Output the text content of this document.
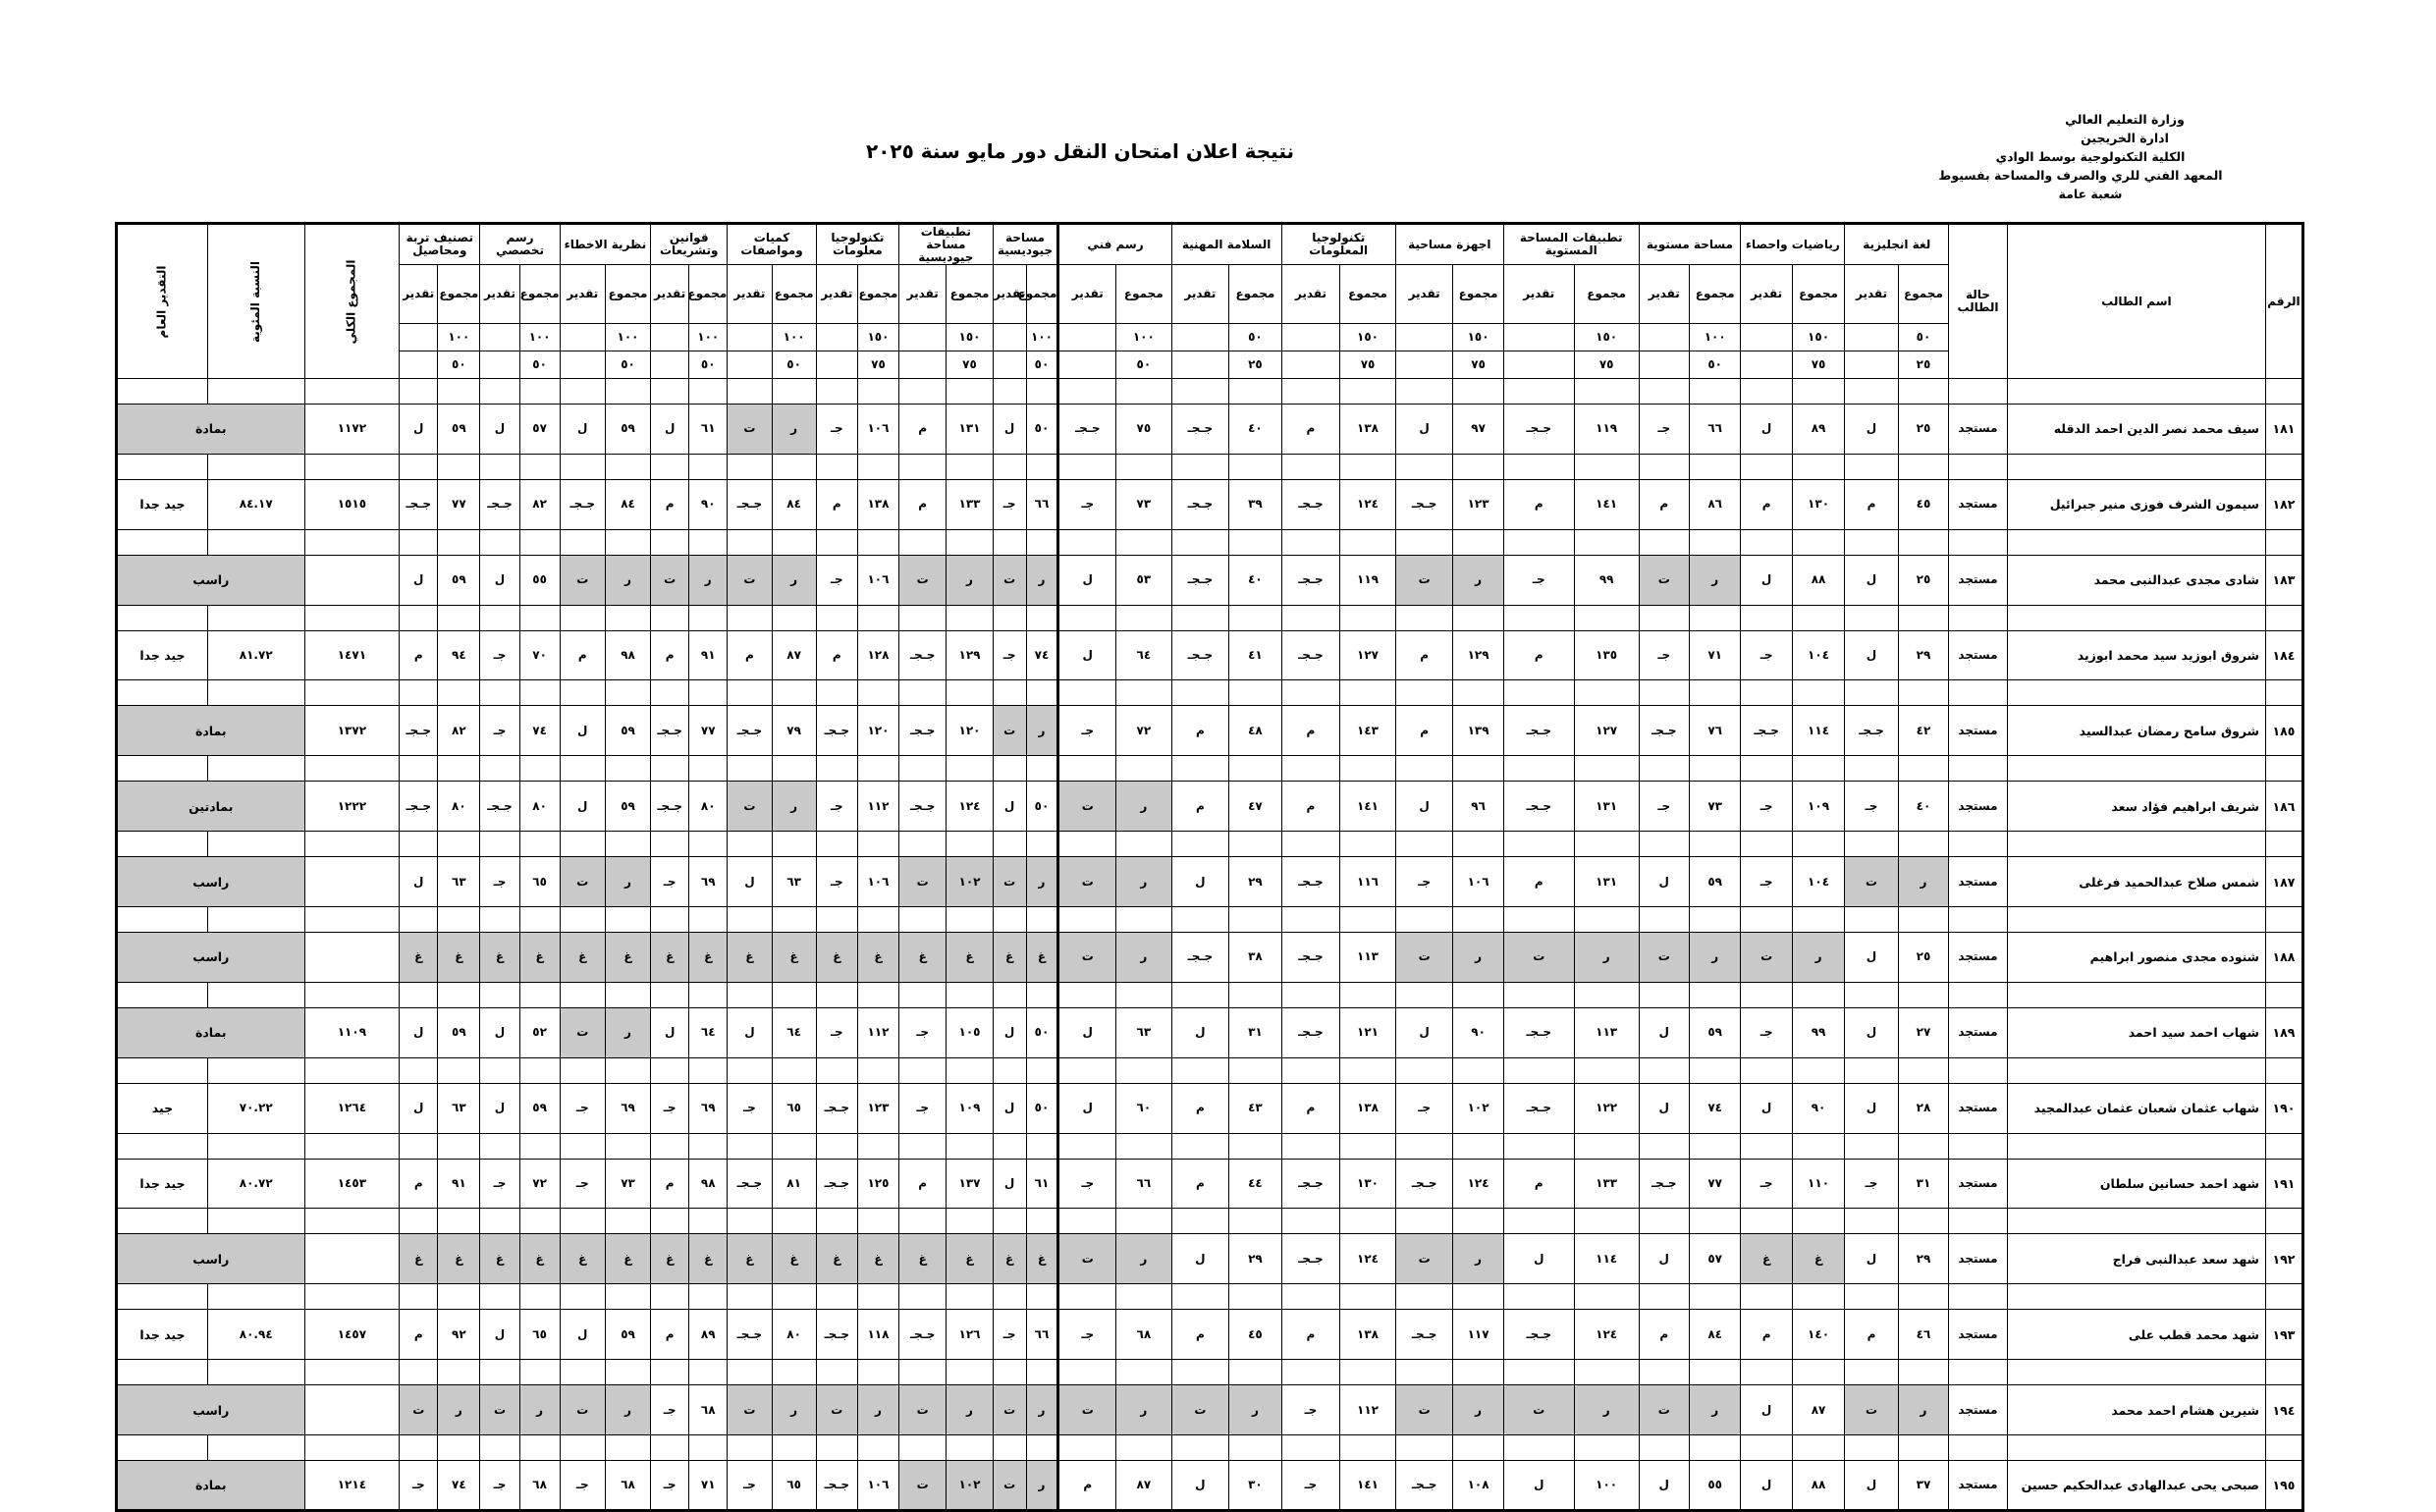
وزارة التعليم العالي
ادارة الخريجين
الكلية التكنولوجية بوسط الوادي
المعهد الفني للري والصرف والمساحة بفسيوط
شعبة عامة
نتيجة اعلان امتحان النقل دور مايو سنة ٢٠٢٥
الرقم	اسم الطالب	حالة الطالب	لغة انجليزية		رياضيات واحصاء		مساحة مستوية		تطبيقات المساحة المستوية		اجهزة مساحية		تكنولوجيا المعلومات		السلامة المهنية		رسم فني		مساحة جيوديسية		تطبيقات مساحة جيوديسية		تكنولوجيا معلومات		كميات ومواصفات		قوانين وتشريعات		نظرية الاخطاء		رسم تخصصي		تصنيف تربة ومحاصيل		المجموع الكلي	النسبة المئوية	التقدير العام
			مجموع	تقدير	مجموع	تقدير	مجموع	تقدير	مجموع	تقدير	مجموع	تقدير	مجموع	تقدير	مجموع	تقدير	مجموع	تقدير	مجموع	تقدير	مجموع	تقدير	مجموع	تقدير	مجموع	تقدير	مجموع	تقدير	مجموع	تقدير	مجموع	تقدير	مجموع	تقدير			
			٥٠		١٥٠		١٠٠		١٥٠		١٥٠		١٥٠		٥٠		١٠٠		١٠٠		١٥٠		١٥٠		١٠٠		١٠٠		١٠٠		١٠٠		١٠٠				
			٢٥		٧٥		٥٠		٧٥		٧٥		٧٥		٢٥		٥٠		٥٠		٧٥		٧٥		٥٠		٥٠		٥٠		٥٠		٥٠				

١٨١	سيف محمد نصر الدين احمد الدقله	مستجد	٢٥	ل	٨٩	ل	٦٦	جـ	١١٩	جـجـ	٩٧	ل	١٣٨	م	٤٠	جـجـ	٧٥	جـجـ	٥٠	ل	١٣١	م	١٠٦	جـ	ر	ت	٦١	ل	٥٩	ل	٥٧	ل	٥٩	ل	١١٧٢	بمادة	

١٨٢	سيمون الشرف فوزى منير جبرائيل	مستجد	٤٥	م	١٣٠	م	٨٦	م	١٤١	م	١٢٣	جـجـ	١٢٤	جـجـ	٣٩	جـجـ	٧٣	جـ	٦٦	جـ	١٣٣	م	١٣٨	م	٨٤	جـجـ	٩٠	م	٨٤	جـجـ	٨٢	جـجـ	٧٧	جـجـ	١٥١٥	٨٤.١٧	جيد جدا

١٨٣	شادى مجدى عبدالنبى محمد	مستجد	٢٥	ل	٨٨	ل	ر	ت	٩٩	جـ	ر	ت	١١٩	جـجـ	٤٠	جـجـ	٥٣	ل	ر	ت	ر	ت	١٠٦	جـ	ر	ت	ر	ت	ر	ت	٥٥	ل	٥٩	ل		راسب	

١٨٤	شروق ابوزيد سيد محمد ابوزيد	مستجد	٢٩	ل	١٠٤	جـ	٧١	جـ	١٣٥	م	١٢٩	م	١٢٧	جـجـ	٤١	جـجـ	٦٤	ل	٧٤	جـ	١٢٩	جـجـ	١٢٨	م	٨٧	م	٩١	م	٩٨	م	٧٠	جـ	٩٤	م	١٤٧١	٨١.٧٢	جيد جدا

١٨٥	شروق سامح رمضان عبدالسيد	مستجد	٤٢	جـجـ	١١٤	جـجـ	٧٦	جـجـ	١٢٧	جـجـ	١٣٩	م	١٤٣	م	٤٨	م	٧٢	جـ	ر	ت	١٢٠	جـجـ	١٢٠	جـجـ	٧٩	جـجـ	٧٧	جـجـ	٥٩	ل	٧٤	جـ	٨٢	جـجـ	١٣٧٢	بمادة	

١٨٦	شريف ابراهيم فؤاد سعد	مستجد	٤٠	جـ	١٠٩	جـ	٧٣	جـ	١٣١	جـجـ	٩٦	ل	١٤١	م	٤٧	م	ر	ت	٥٠	ل	١٢٤	جـجـ	١١٢	جـ	ر	ت	٨٠	جـجـ	٥٩	ل	٨٠	جـجـ	٨٠	جـجـ	١٢٢٢	بمادتين	

١٨٧	شمس صلاح عبدالحميد فرغلى	مستجد	ر	ت	١٠٤	جـ	٥٩	ل	١٣١	م	١٠٦	جـ	١١٦	جـجـ	٢٩	ل	ر	ت	ر	ت	١٠٢	ت	١٠٦	جـ	٦٣	ل	٦٩	جـ	ر	ت	٦٥	جـ	٦٣	ل		راسب	

١٨٨	شنوده مجدى منصور ابراهيم	مستجد	٢٥	ل	ر	ت	ر	ت	ر	ت	ر	ت	١١٣	جـجـ	٣٨	جـجـ	ر	ت	غ	غ	غ	غ	غ	غ	غ	غ	غ	غ	غ	غ	غ	غ	غ	غ		راسب	

١٨٩	شهاب احمد سيد احمد	مستجد	٢٧	ل	٩٩	جـ	٥٩	ل	١١٣	جـجـ	٩٠	ل	١٢١	جـجـ	٣١	ل	٦٣	ل	٥٠	ل	١٠٥	جـ	١١٢	جـ	٦٤	ل	٦٤	ل	ر	ت	٥٢	ل	٥٩	ل	١١٠٩	بمادة	

١٩٠	شهاب عثمان شعبان عثمان عبدالمجيد	مستجد	٢٨	ل	٩٠	ل	٧٤	ل	١٢٢	جـجـ	١٠٢	جـ	١٣٨	م	٤٣	م	٦٠	ل	٥٠	ل	١٠٩	جـ	١٢٣	جـجـ	٦٥	جـ	٦٩	جـ	٦٩	جـ	٥٩	ل	٦٣	ل	١٢٦٤	٧٠.٢٢	جيد

١٩١	شهد احمد حسانين سلطان	مستجد	٣١	جـ	١١٠	جـ	٧٧	جـجـ	١٣٣	م	١٢٤	جـجـ	١٣٠	جـجـ	٤٤	م	٦٦	جـ	٦١	ل	١٣٧	م	١٢٥	جـجـ	٨١	جـجـ	٩٨	م	٧٣	جـ	٧٢	جـ	٩١	م	١٤٥٣	٨٠.٧٢	جيد جدا

١٩٢	شهد سعد عبدالنبى فراج	مستجد	٢٩	ل	غ	غ	٥٧	ل	١١٤	ل	ر	ت	١٢٤	جـجـ	٢٩	ل	ر	ت	غ	غ	غ	غ	غ	غ	غ	غ	غ	غ	غ	غ	غ	غ	غ	غ		راسب	

١٩٣	شهد محمد قطب على	مستجد	٤٦	م	١٤٠	م	٨٤	م	١٢٤	جـجـ	١١٧	جـجـ	١٣٨	م	٤٥	م	٦٨	جـ	٦٦	جـ	١٢٦	جـجـ	١١٨	جـجـ	٨٠	جـجـ	٨٩	م	٥٩	ل	٦٥	ل	٩٢	م	١٤٥٧	٨٠.٩٤	جيد جدا

١٩٤	شيرين هشام احمد محمد	مستجد	ر	ت	٨٧	ل	ر	ت	ر	ت	ر	ت	١١٢	جـ	ر	ت	ر	ت	ر	ت	ر	ت	ر	ت	ر	ت	٦٨	جـ	ر	ت	ر	ت	ر	ت		راسب	

١٩٥	صبحى يحى عبدالهادى عبدالحكيم حسين	مستجد	٣٧	ل	٨٨	ل	٥٥	ل	١٠٠	ل	١٠٨	جـجـ	١٤١	جـ	٣٠	ل	٨٧	م	ر	ت	١٠٢	ت	١٠٦	جـجـ	٦٥	جـ	٧١	جـ	٦٨	جـ	٦٨	جـ	٧٤	جـ	١٢١٤	بمادة	
